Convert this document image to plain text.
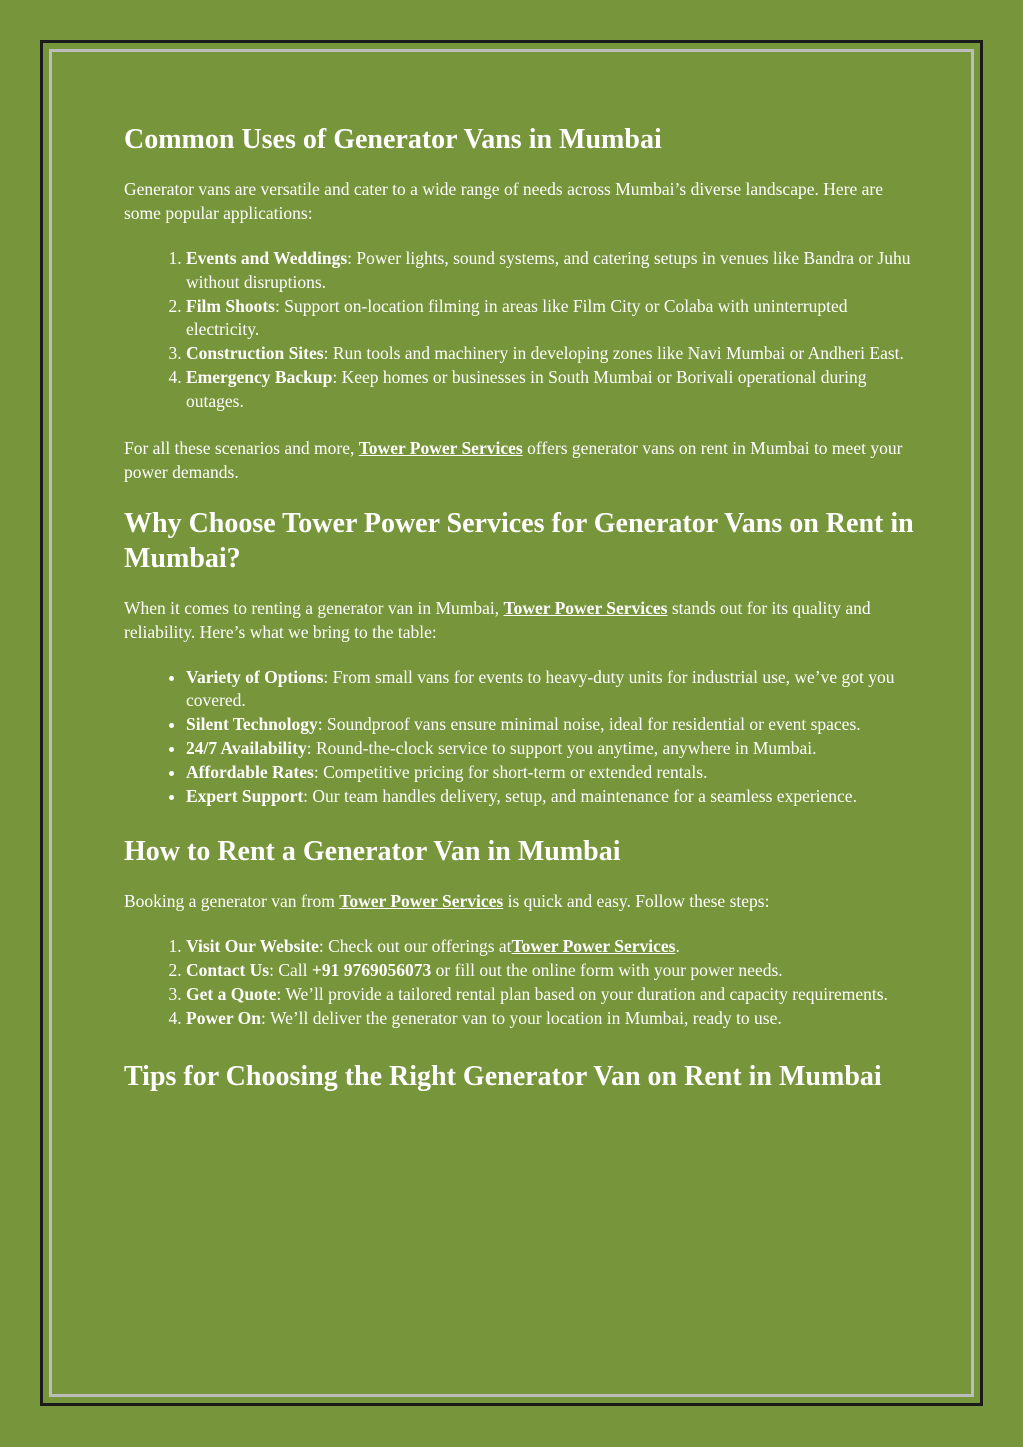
Common Uses of Generator Vans in Mumbai

Generator vans are versatile and cater to a wide range of needs across Mumbai’s diverse landscape. Here are some popular applications:

1. Events and Weddings: Power lights, sound systems, and catering setups in venues like Bandra or Juhu without disruptions.
2. Film Shoots: Support on-location filming in areas like Film City or Colaba with uninterrupted electricity.
3. Construction Sites: Run tools and machinery in developing zones like Navi Mumbai or Andheri East.
4. Emergency Backup: Keep homes or businesses in South Mumbai or Borivali operational during outages.

For all these scenarios and more, Tower Power Services offers generator vans on rent in Mumbai to meet your power demands.

Why Choose Tower Power Services for Generator Vans on Rent in Mumbai?

When it comes to renting a generator van in Mumbai, Tower Power Services stands out for its quality and reliability. Here’s what we bring to the table:

• Variety of Options: From small vans for events to heavy-duty units for industrial use, we’ve got you covered.
• Silent Technology: Soundproof vans ensure minimal noise, ideal for residential or event spaces.
• 24/7 Availability: Round-the-clock service to support you anytime, anywhere in Mumbai.
• Affordable Rates: Competitive pricing for short-term or extended rentals.
• Expert Support: Our team handles delivery, setup, and maintenance for a seamless experience.
How to Rent a Generator Van in Mumbai

Booking a generator van from Tower Power Services is quick and easy. Follow these steps:

1. Visit Our Website: Check out our offerings atTower Power Services.
2. Contact Us: Call +91 9769056073 or fill out the online form with your power needs.
3. Get a Quote: We’ll provide a tailored rental plan based on your duration and capacity requirements.
4. Power On: We’ll deliver the generator van to your location in Mumbai, ready to use.
Tips for Choosing the Right Generator Van on Rent in Mumbai
